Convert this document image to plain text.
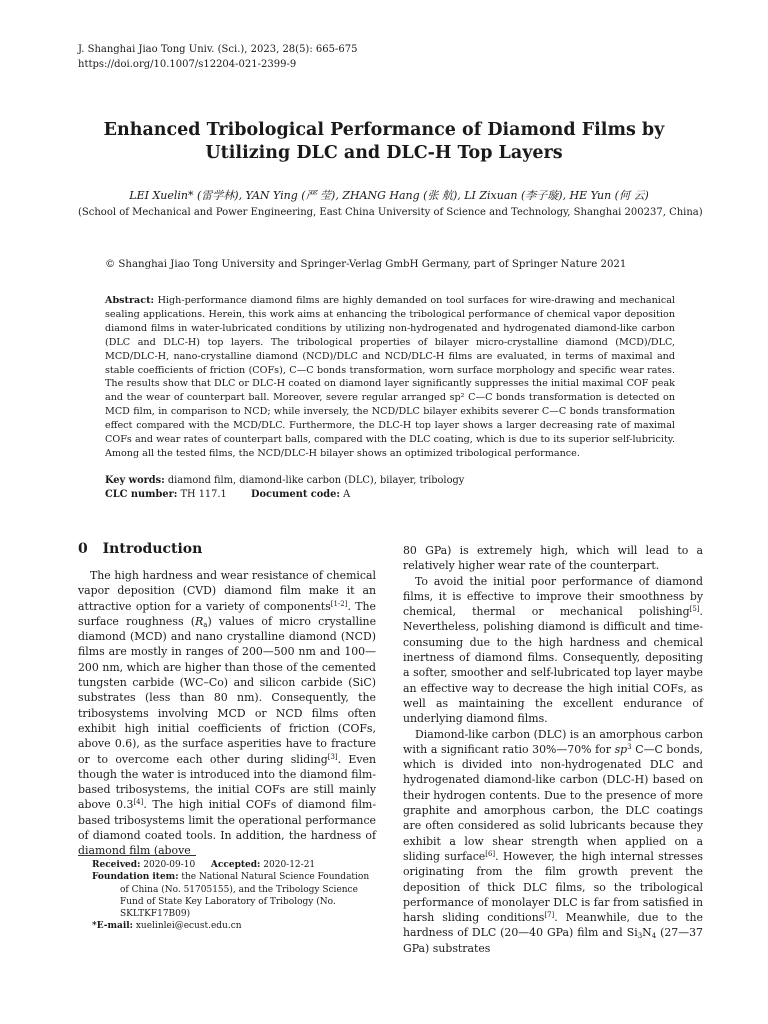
J. Shanghai Jiao Tong Univ. (Sci.), 2023, 28(5): 665-675
https://doi.org/10.1007/s12204-021-2399-9
Enhanced Tribological Performance of Diamond Films by
Utilizing DLC and DLC-H Top Layers
LEI Xuelin* (雷学林), YAN Ying (严 莹), ZHANG Hang (张 航), LI Zixuan (李子璇), HE Yun (何 云)
(School of Mechanical and Power Engineering, East China University of Science and Technology, Shanghai 200237, China)
© Shanghai Jiao Tong University and Springer-Verlag GmbH Germany, part of Springer Nature 2021
Abstract: High-performance diamond films are highly demanded on tool surfaces for wire-drawing and mechanical sealing applications. Herein, this work aims at enhancing the tribological performance of chemical vapor deposition diamond films in water-lubricated conditions by utilizing non-hydrogenated and hydrogenated diamond-like carbon (DLC and DLC-H) top layers. The tribological properties of bilayer micro-crystalline diamond (MCD)/DLC, MCD/DLC-H, nano-crystalline diamond (NCD)/DLC and NCD/DLC-H films are evaluated, in terms of maximal and stable coefficients of friction (COFs), C—C bonds transformation, worn surface morphology and specific wear rates. The results show that DLC or DLC-H coated on diamond layer significantly suppresses the initial maximal COF peak and the wear of counterpart ball. Moreover, severe regular arranged sp² C—C bonds transformation is detected on MCD film, in comparison to NCD; while inversely, the NCD/DLC bilayer exhibits severer C—C bonds transformation effect compared with the MCD/DLC. Furthermore, the DLC-H top layer shows a larger decreasing rate of maximal COFs and wear rates of counterpart balls, compared with the DLC coating, which is due to its superior self-lubricity. Among all the tested films, the NCD/DLC-H bilayer shows an optimized tribological performance.
Key words: diamond film, diamond-like carbon (DLC), bilayer, tribology
CLC number: TH 117.1 Document code: A
0 Introduction
The high hardness and wear resistance of chemical vapor deposition (CVD) diamond film make it an attractive option for a variety of components[1-2]. The surface roughness $(R_a)$ values of micro crystalline diamond (MCD) and nano crystalline diamond (NCD) films are mostly in ranges of 200—500 nm and 100—200 nm, which are higher than those of the cemented tungsten carbide (WC–Co) and silicon carbide (SiC) substrates (less than 80 nm). Consequently, the tribosystems involving MCD or NCD films often exhibit high initial coefficients of friction (COFs, above 0.6), as the surface asperities have to fracture or to overcome each other during sliding[3]. Even though the water is introduced into the diamond film-based tribosystems, the initial COFs are still mainly above 0.3[4]. The high initial COFs of diamond film-based tribosystems limit the operational performance of diamond coated tools. In addition, the hardness of diamond film (above
Received: 2020-09-10 Accepted: 2020-12-21
Foundation item: the National Natural Science Foundation of China (No. 51705155), and the Tribology Science Fund of State Key Laboratory of Tribology (No. SKLTKF17B09)
*E-mail: xuelinlei@ecust.edu.cn
80 GPa) is extremely high, which will lead to a relatively higher wear rate of the counterpart.
To avoid the initial poor performance of diamond films, it is effective to improve their smoothness by chemical, thermal or mechanical polishing[5]. Nevertheless, polishing diamond is difficult and time-consuming due to the high hardness and chemical inertness of diamond films. Consequently, depositing a softer, smoother and self-lubricated top layer maybe an effective way to decrease the high initial COFs, as well as maintaining the excellent endurance of underlying diamond films.
Diamond-like carbon (DLC) is an amorphous carbon with a significant ratio 30%—70% for $sp^3$ C—C bonds, which is divided into non-hydrogenated DLC and hydrogenated diamond-like carbon (DLC-H) based on their hydrogen contents. Due to the presence of more graphite and amorphous carbon, the DLC coatings are often considered as solid lubricants because they exhibit a low shear strength when applied on a sliding surface[6]. However, the high internal stresses originating from the film growth prevent the deposition of thick DLC films, so the tribological performance of monolayer DLC is far from satisfied in harsh sliding conditions[7]. Meanwhile, due to the hardness of DLC (20—40 GPa) film and $Si_3N_4$ (27—37 GPa) substrates
